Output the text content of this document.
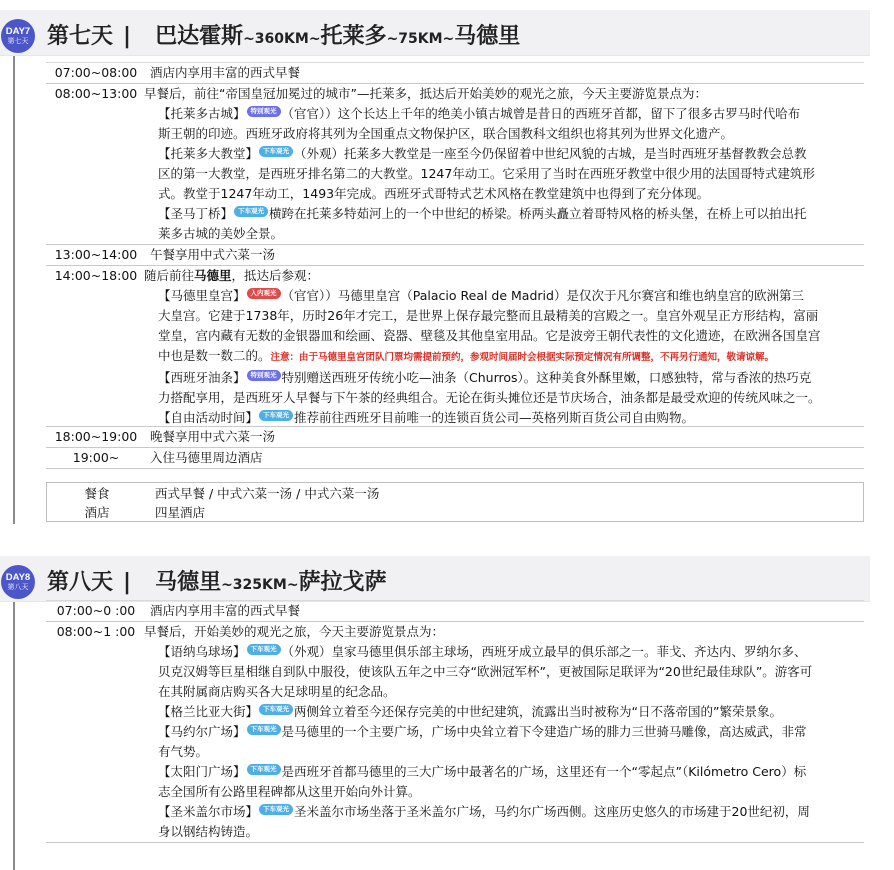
DAY7
第七天 第七天 | 巴达霍斯~360KM~托莱多~75KM~马德里
07:00~08:00	酒店内享用丰富的西式早餐
08:00~13:00 早餐后，前往“帝国皇冠加冕过的城市”—托莱多，抵达后开始美妙的观光之旅，今天主要游览景点为：
【托莱多古城】 特别观光 （官官））这个长达上千年的绝美小镇古城曾是昔日的西班牙首都，留下了很多古罗马时代哈布
斯王朝的印迹。西班牙政府将其列为全国重点文物保护区，联合国教科文组织也将其列为世界文化遗产。
【托莱多大教堂】 下车观光 （外观）托莱多大教堂是一座至今仍保留着中世纪风貌的古城，是当时西班牙基督教教会总教
区的第一大教堂，是西班牙排名第二的大教堂。1247年动工。它采用了当时在西班牙教堂中很少用的法国哥特式建筑形
式。教堂于1247年动工，1493年完成。西班牙式哥特式艺术风格在教堂建筑中也得到了充分体现。
【圣马丁桥】 下车观光 横跨在托莱多特茹河上的一个中世纪的桥梁。桥两头矗立着哥特风格的桥头堡，在桥上可以拍出托
莱多古城的美妙全景。
13:00~14:00	午餐享用中式六菜一汤
14:00~18:00 随后前往马德里，抵达后参观：
【马德里皇宫】 入内观光 （官官））马德里皇宫（Palacio Real de Madrid）是仅次于凡尔赛宫和维也纳皇宫的欧洲第三
大皇宫。它建于1738年，历时26年才完工，是世界上保存最完整而且最精美的宫殿之一。皇宫外观呈正方形结构，富丽
堂皇，宫内藏有无数的金银器皿和绘画、瓷器、壁毯及其他皇室用品。它是波旁王朝代表性的文化遗迹，在欧洲各国皇宫
中也是数一数二的。注意：由于马德里皇宫团队门票均需提前预约，参观时间届时会根据实际预定情况有所调整，不再另行通知，敬请谅解。
【西班牙油条】 特别观光 特别赠送西班牙传统小吃—油条（Churros）。这种美食外酥里嫩，口感独特，常与香浓的热巧克
力搭配享用，是西班牙人早餐与下午茶的经典组合。无论在街头摊位还是节庆场合，油条都是最受欢迎的传统风味之一。
【自由活动时间】 下车观光 推荐前往西班牙目前唯一的连锁百货公司—英格列斯百货公司自由购物。
18:00~19:00	晚餐享用中式六菜一汤
19:00~	入住马德里周边酒店
餐食	西式早餐 / 中式六菜一汤 / 中式六菜一汤
酒店	四星酒店
DAY8
第八天 第八天 | 马德里~325KM~萨拉戈萨
07:00~0 :00	酒店内享用丰富的西式早餐
08:00~1 :00 早餐后，开始美妙的观光之旅，今天主要游览景点为：
【语纳乌球场】 下车观光 （外观）皇家马德里俱乐部主球场，西班牙成立最早的俱乐部之一。菲戈、齐达内、罗纳尔多、
贝克汉姆等巨星相继自到队中服役，使该队五年之中三夺“欧洲冠军杯”，更被国际足联评为“20世纪最佳球队”。游客可
在其附属商店购买各大足球明星的纪念品。
【格兰比亚大街】 下车观光 两侧耸立着至今还保存完美的中世纪建筑，流露出当时被称为“日不落帝国的”繁荣景象。
【马约尔广场】 下车观光 是马德里的一个主要广场，广场中央耸立着下令建造广场的腓力三世骑马雕像，高达威武，非常
有气势。
【太阳门广场】 下车观光 是西班牙首都马德里的三大广场中最著名的广场，这里还有一个“零起点”（Kilómetro Cero）标
志全国所有公路里程碑都从这里开始向外计算。
【圣米盖尔市场】 下车观光 圣米盖尔市场坐落于圣米盖尔广场，马约尔广场西侧。这座历史悠久的市场建于20世纪初，周
身以钢结构铸造。
